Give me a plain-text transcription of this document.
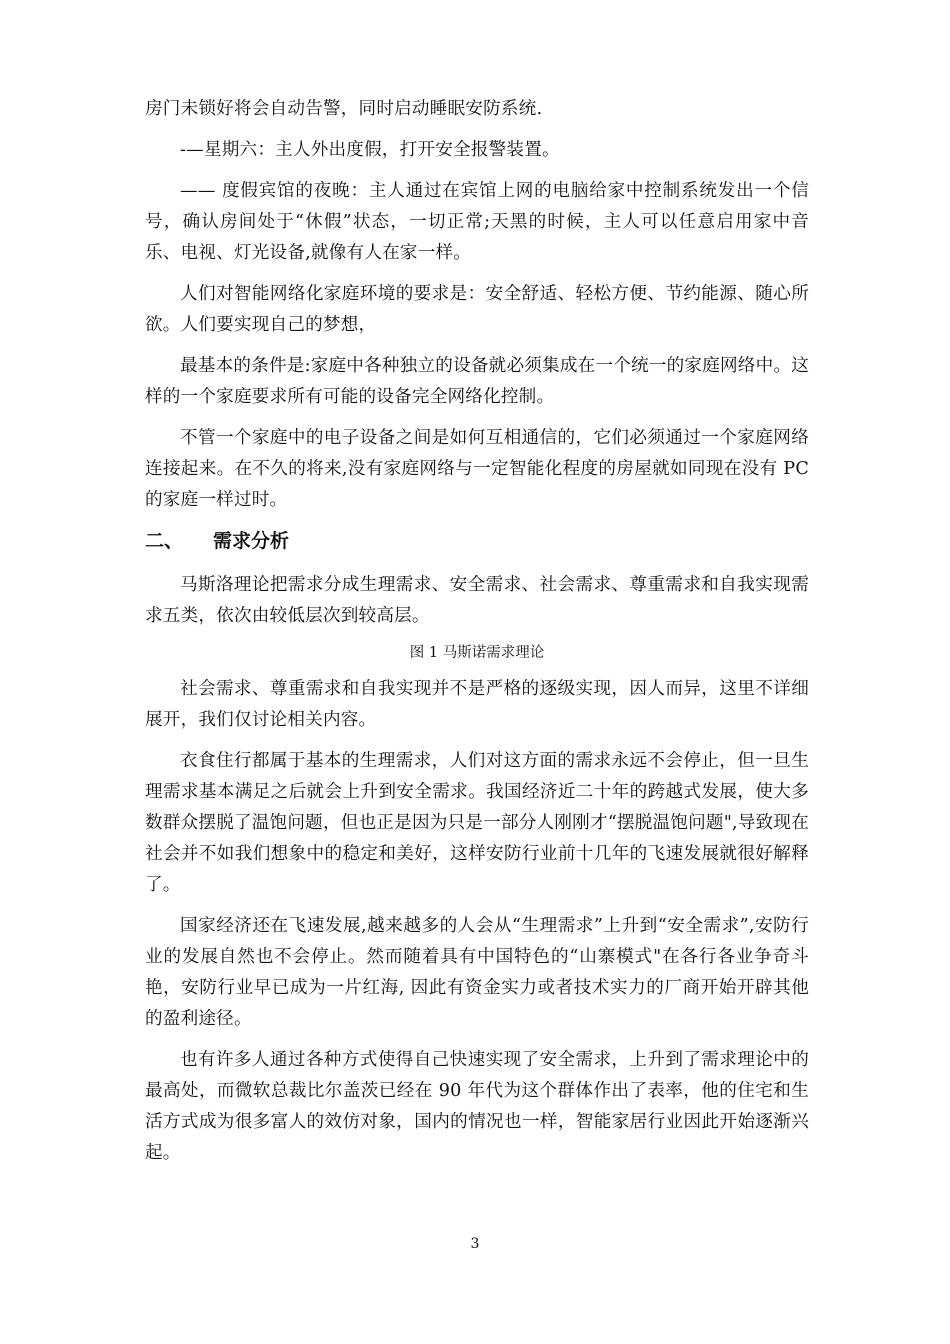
房门未锁好将会自动告警，同时启动睡眠安防系统.

-—星期六：主人外出度假，打开安全报警装置。

—— 度假宾馆的夜晚：主人通过在宾馆上网的电脑给家中控制系统发出一个信号，确认房间处于“休假”状态，一切正常;天黑的时候，主人可以任意启用家中音乐、电视、灯光设备,就像有人在家一样。

人们对智能网络化家庭环境的要求是：安全舒适、轻松方便、节约能源、随心所欲。人们要实现自己的梦想，

最基本的条件是:家庭中各种独立的设备就必须集成在一个统一的家庭网络中。这样的一个家庭要求所有可能的设备完全网络化控制。

不管一个家庭中的电子设备之间是如何互相通信的，它们必须通过一个家庭网络连接起来。在不久的将来,没有家庭网络与一定智能化程度的房屋就如同现在没有 PC 的家庭一样过时。

二、 需求分析

马斯洛理论把需求分成生理需求、安全需求、社会需求、尊重需求和自我实现需求五类，依次由较低层次到较高层。

图 1 马斯诺需求理论

社会需求、尊重需求和自我实现并不是严格的逐级实现，因人而异，这里不详细展开，我们仅讨论相关内容。

衣食住行都属于基本的生理需求，人们对这方面的需求永远不会停止，但一旦生理需求基本满足之后就会上升到安全需求。我国经济近二十年的跨越式发展，使大多数群众摆脱了温饱问题，但也正是因为只是一部分人刚刚才“摆脱温饱问题",导致现在社会并不如我们想象中的稳定和美好，这样安防行业前十几年的飞速发展就很好解释了。

国家经济还在飞速发展,越来越多的人会从“生理需求”上升到“安全需求”,安防行业的发展自然也不会停止。然而随着具有中国特色的“山寨模式"在各行各业争奇斗艳，安防行业早已成为一片红海, 因此有资金实力或者技术实力的厂商开始开辟其他的盈利途径。

也有许多人通过各种方式使得自己快速实现了安全需求，上升到了需求理论中的最高处，而微软总裁比尔盖茨已经在 90 年代为这个群体作出了表率，他的住宅和生活方式成为很多富人的效仿对象，国内的情况也一样，智能家居行业因此开始逐渐兴起。

3
